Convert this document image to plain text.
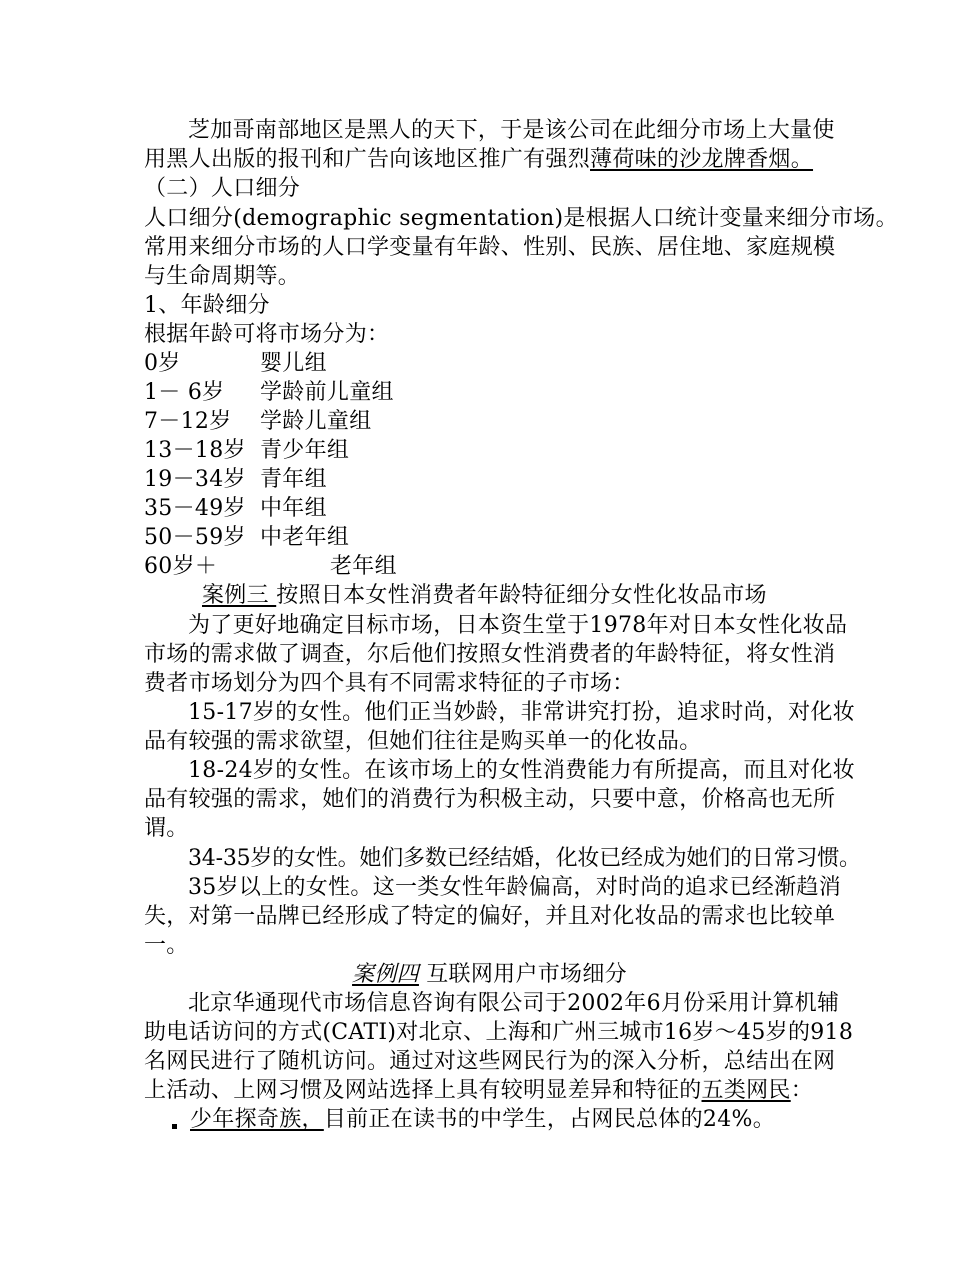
芝加哥南部地区是黑人的天下，于是该公司在此细分市场上大量使
用黑人出版的报刊和广告向该地区推广有强烈薄荷味的沙龙牌香烟。
（二）人口细分
人口细分(demographic segmentation)是根据人口统计变量来细分市场。
常用来细分市场的人口学变量有年龄、性别、民族、居住地、家庭规模
与生命周期等。
1、年龄细分
根据年龄可将市场分为：
0岁	婴儿组
1－ 6岁 学龄前儿童组
7－12岁 学龄儿童组
13－18岁 青少年组
19－34岁 青年组
35－49岁 中年组
50－59岁 中老年组
60岁＋	老年组
案例三 按照日本女性消费者年龄特征细分女性化妆品市场
为了更好地确定目标市场，日本资生堂于1978年对日本女性化妆品
市场的需求做了调查，尔后他们按照女性消费者的年龄特征，将女性消
费者市场划分为四个具有不同需求特征的子市场：
15-17岁的女性。他们正当妙龄，非常讲究打扮，追求时尚，对化妆
品有较强的需求欲望，但她们往往是购买单一的化妆品。
18-24岁的女性。在该市场上的女性消费能力有所提高，而且对化妆
品有较强的需求，她们的消费行为积极主动，只要中意，价格高也无所
谓。
34-35岁的女性。她们多数已经结婚，化妆已经成为她们的日常习惯。
35岁以上的女性。这一类女性年龄偏高，对时尚的追求已经渐趋消
失，对第一品牌已经形成了特定的偏好，并且对化妆品的需求也比较单
一。
案例四 互联网用户市场细分
北京华通现代市场信息咨询有限公司于2002年6月份采用计算机辅
助电话访问的方式(CATI)对北京、上海和广州三城市16岁～45岁的918
名网民进行了随机访问。通过对这些网民行为的深入分析，总结出在网
上活动、上网习惯及网站选择上具有较明显差异和特征的五类网民：
少年探奇族，目前正在读书的中学生，占网民总体的24%。
